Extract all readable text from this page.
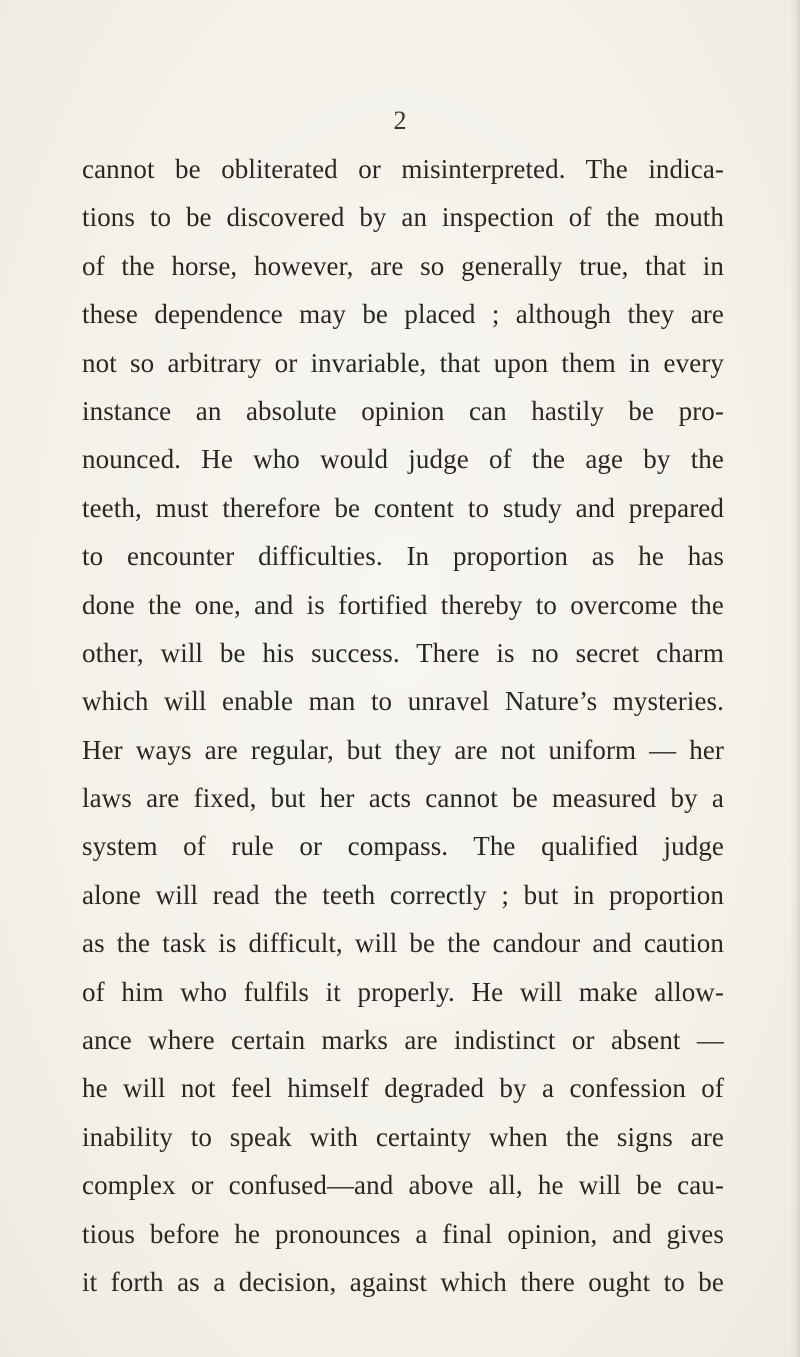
2
cannot be obliterated or misinterpreted. The indica-
tions to be discovered by an inspection of the mouth
of the horse, however, are so generally true, that in
these dependence may be placed ; although they are
not so arbitrary or invariable, that upon them in every
instance an absolute opinion can hastily be pro-
nounced. He who would judge of the age by the
teeth, must therefore be content to study and prepared
to encounter difficulties. In proportion as he has
done the one, and is fortified thereby to overcome the
other, will be his success. There is no secret charm
which will enable man to unravel Nature’s mysteries.
Her ways are regular, but they are not uniform — her
laws are fixed, but her acts cannot be measured by a
system of rule or compass. The qualified judge
alone will read the teeth correctly ; but in proportion
as the task is difficult, will be the candour and caution
of him who fulfils it properly. He will make allow-
ance where certain marks are indistinct or absent —
he will not feel himself degraded by a confession of
inability to speak with certainty when the signs are
complex or confused—and above all, he will be cau-
tious before he pronounces a final opinion, and gives
it forth as a decision, against which there ought to be
